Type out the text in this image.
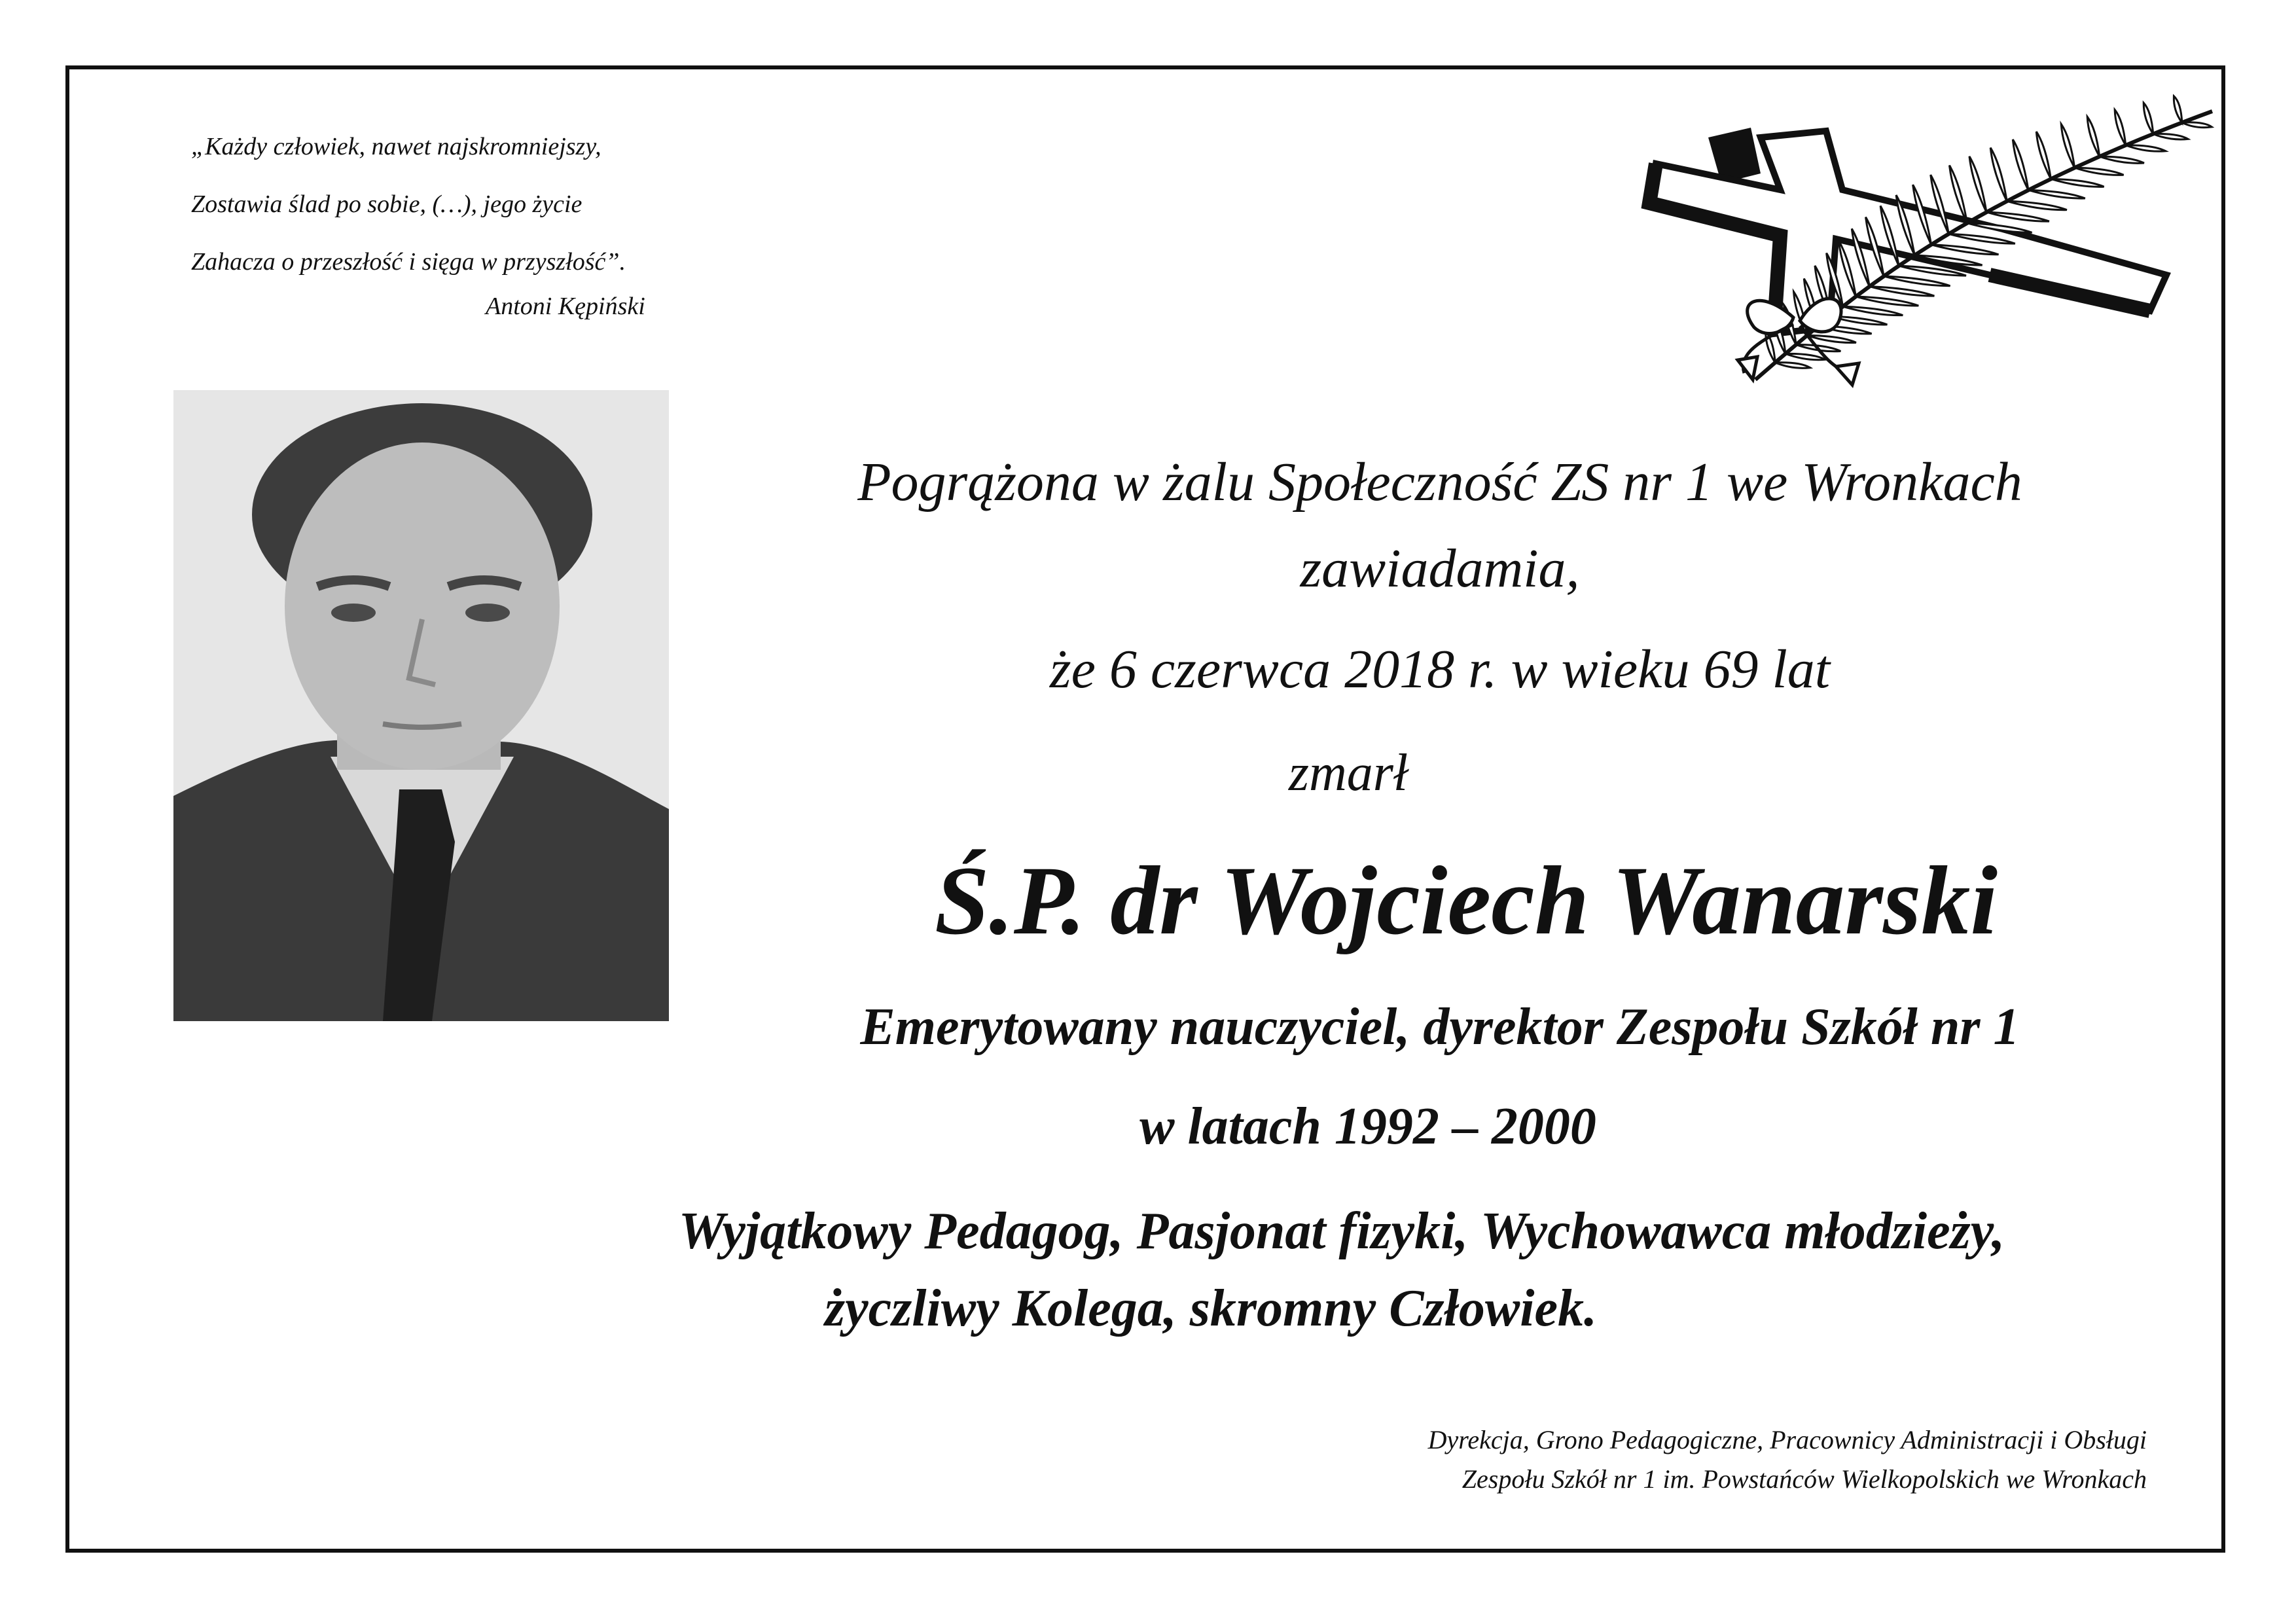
„Każdy człowiek, nawet najskromniejszy,
Zostawia ślad po sobie, (…), jego życie
Zahacza o przeszłość i sięga w przyszłość”.
Antoni Kępiński
Pogrążona w żalu Społeczność ZS nr 1 we Wronkach
zawiadamia,
że 6 czerwca 2018 r. w wieku 69 lat
zmarł
Ś.P. dr Wojciech Wanarski
Emerytowany nauczyciel, dyrektor Zespołu Szkół nr 1
w latach 1992 – 2000
Wyjątkowy Pedagog, Pasjonat fizyki, Wychowawca młodzieży,
życzliwy Kolega, skromny Człowiek.
Dyrekcja, Grono Pedagogiczne, Pracownicy Administracji i Obsługi
Zespołu Szkół nr 1 im. Powstańców Wielkopolskich we Wronkach
